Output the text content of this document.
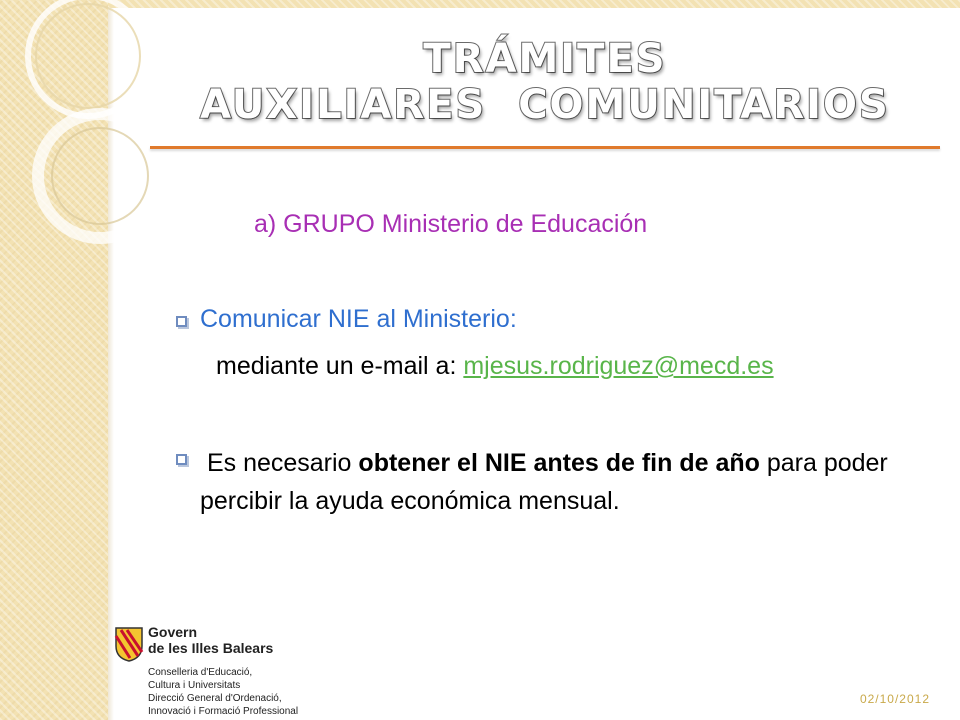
TRÁMITES
AUXILIARES  COMUNITARIOS
a) GRUPO Ministerio de Educación
Comunicar NIE al Ministerio:
mediante un e-mail a: mjesus.rodriguez@mecd.es
Es necesario obtener el NIE antes de fin de año para poder percibir la ayuda económica mensual.
Govern
de les Illes Balears
Conselleria d'Educació,
Cultura i Universitats
Direcció General d'Ordenació,
Innovació i Formació Professional
02/10/2012
